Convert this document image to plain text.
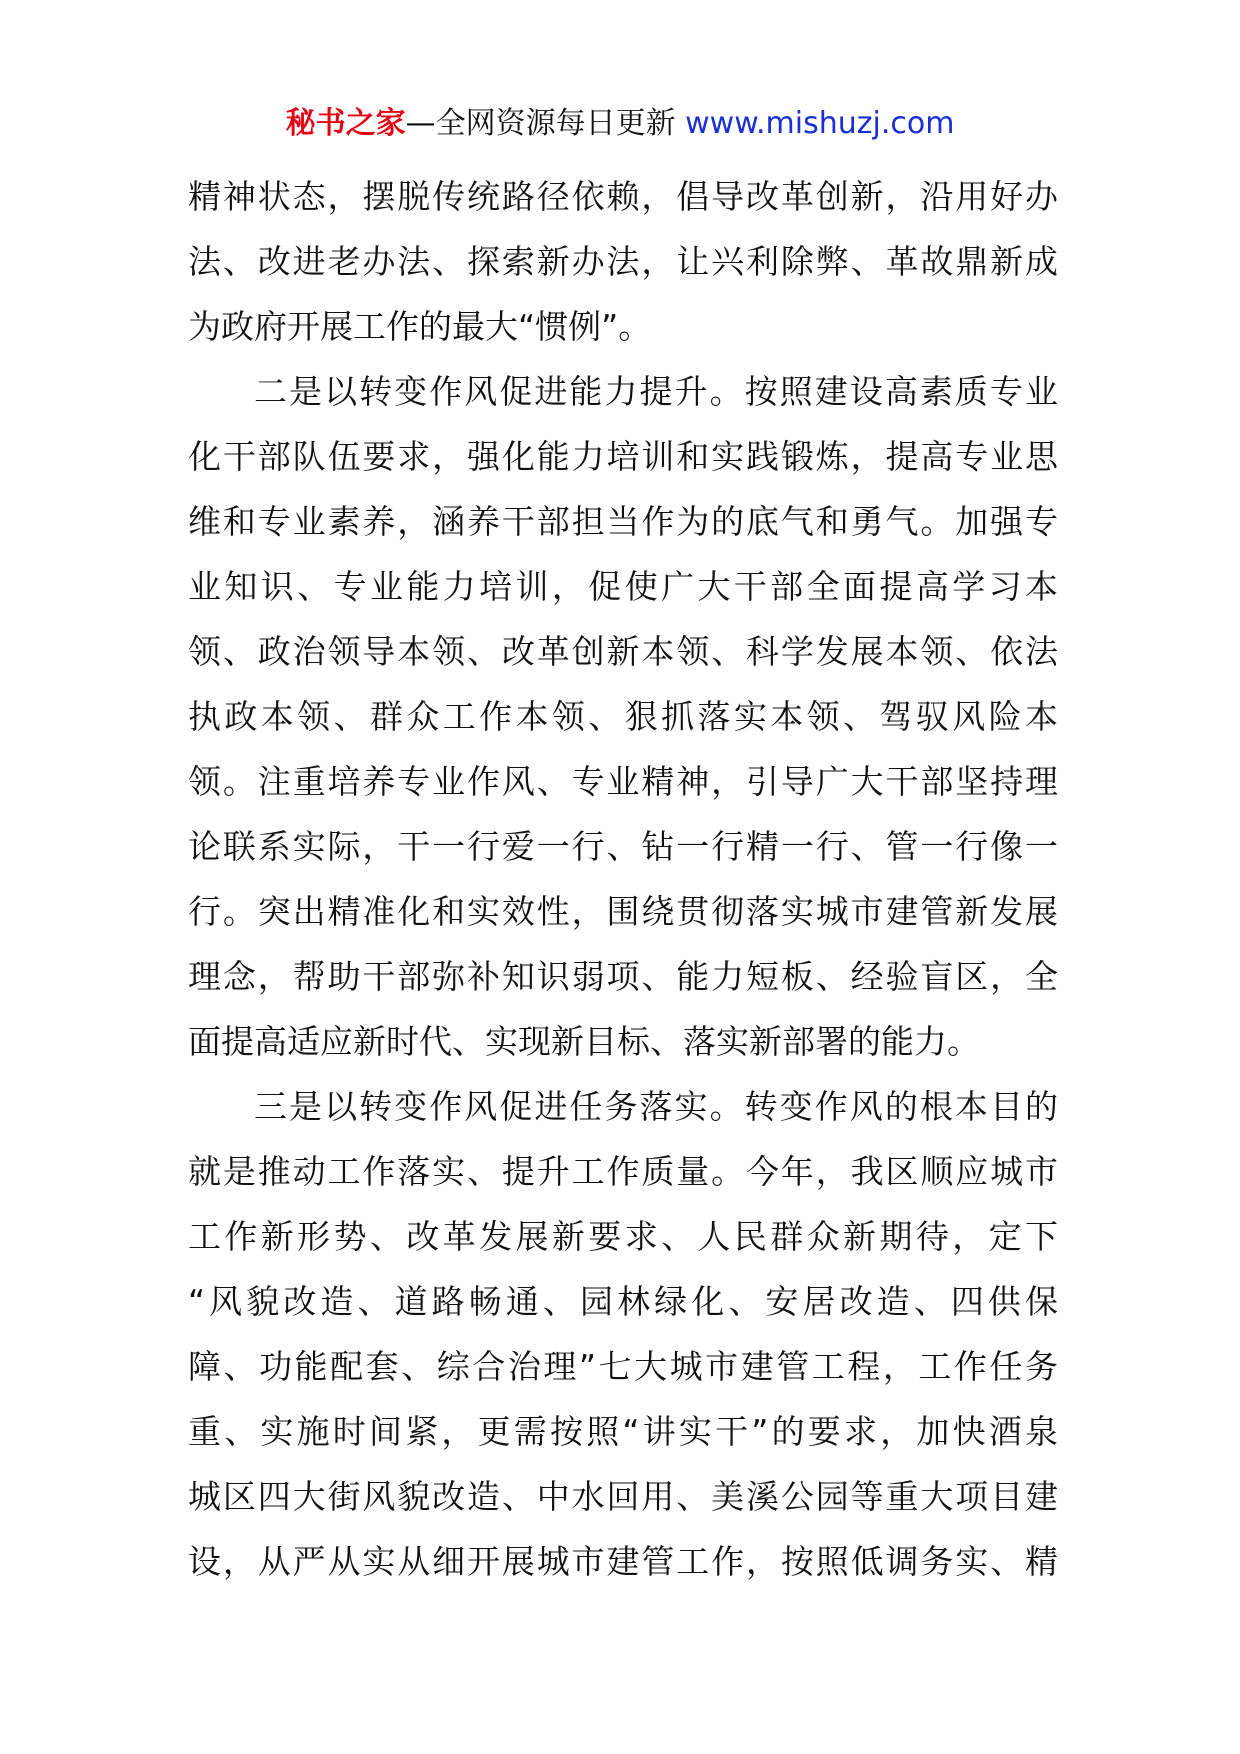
秘书之家—全网资源每日更新 www.mishuzj.com
精神状态，摆脱传统路径依赖，倡导改革创新，沿用好办
法、改进老办法、探索新办法，让兴利除弊、革故鼎新成
为政府开展工作的最大“惯例”。
二是以转变作风促进能力提升。按照建设高素质专业
化干部队伍要求，强化能力培训和实践锻炼，提高专业思
维和专业素养，涵养干部担当作为的底气和勇气。加强专
业知识、专业能力培训，促使广大干部全面提高学习本
领、政治领导本领、改革创新本领、科学发展本领、依法
执政本领、群众工作本领、狠抓落实本领、驾驭风险本
领。注重培养专业作风、专业精神，引导广大干部坚持理
论联系实际，干一行爱一行、钻一行精一行、管一行像一
行。突出精准化和实效性，围绕贯彻落实城市建管新发展
理念，帮助干部弥补知识弱项、能力短板、经验盲区，全
面提高适应新时代、实现新目标、落实新部署的能力。
三是以转变作风促进任务落实。转变作风的根本目的
就是推动工作落实、提升工作质量。今年，我区顺应城市
工作新形势、改革发展新要求、人民群众新期待，定下
“风貌改造、道路畅通、园林绿化、安居改造、四供保
障、功能配套、综合治理”七大城市建管工程，工作任务
重、实施时间紧，更需按照“讲实干”的要求，加快酒泉
城区四大街风貌改造、中水回用、美溪公园等重大项目建
设，从严从实从细开展城市建管工作，按照低调务实、精
